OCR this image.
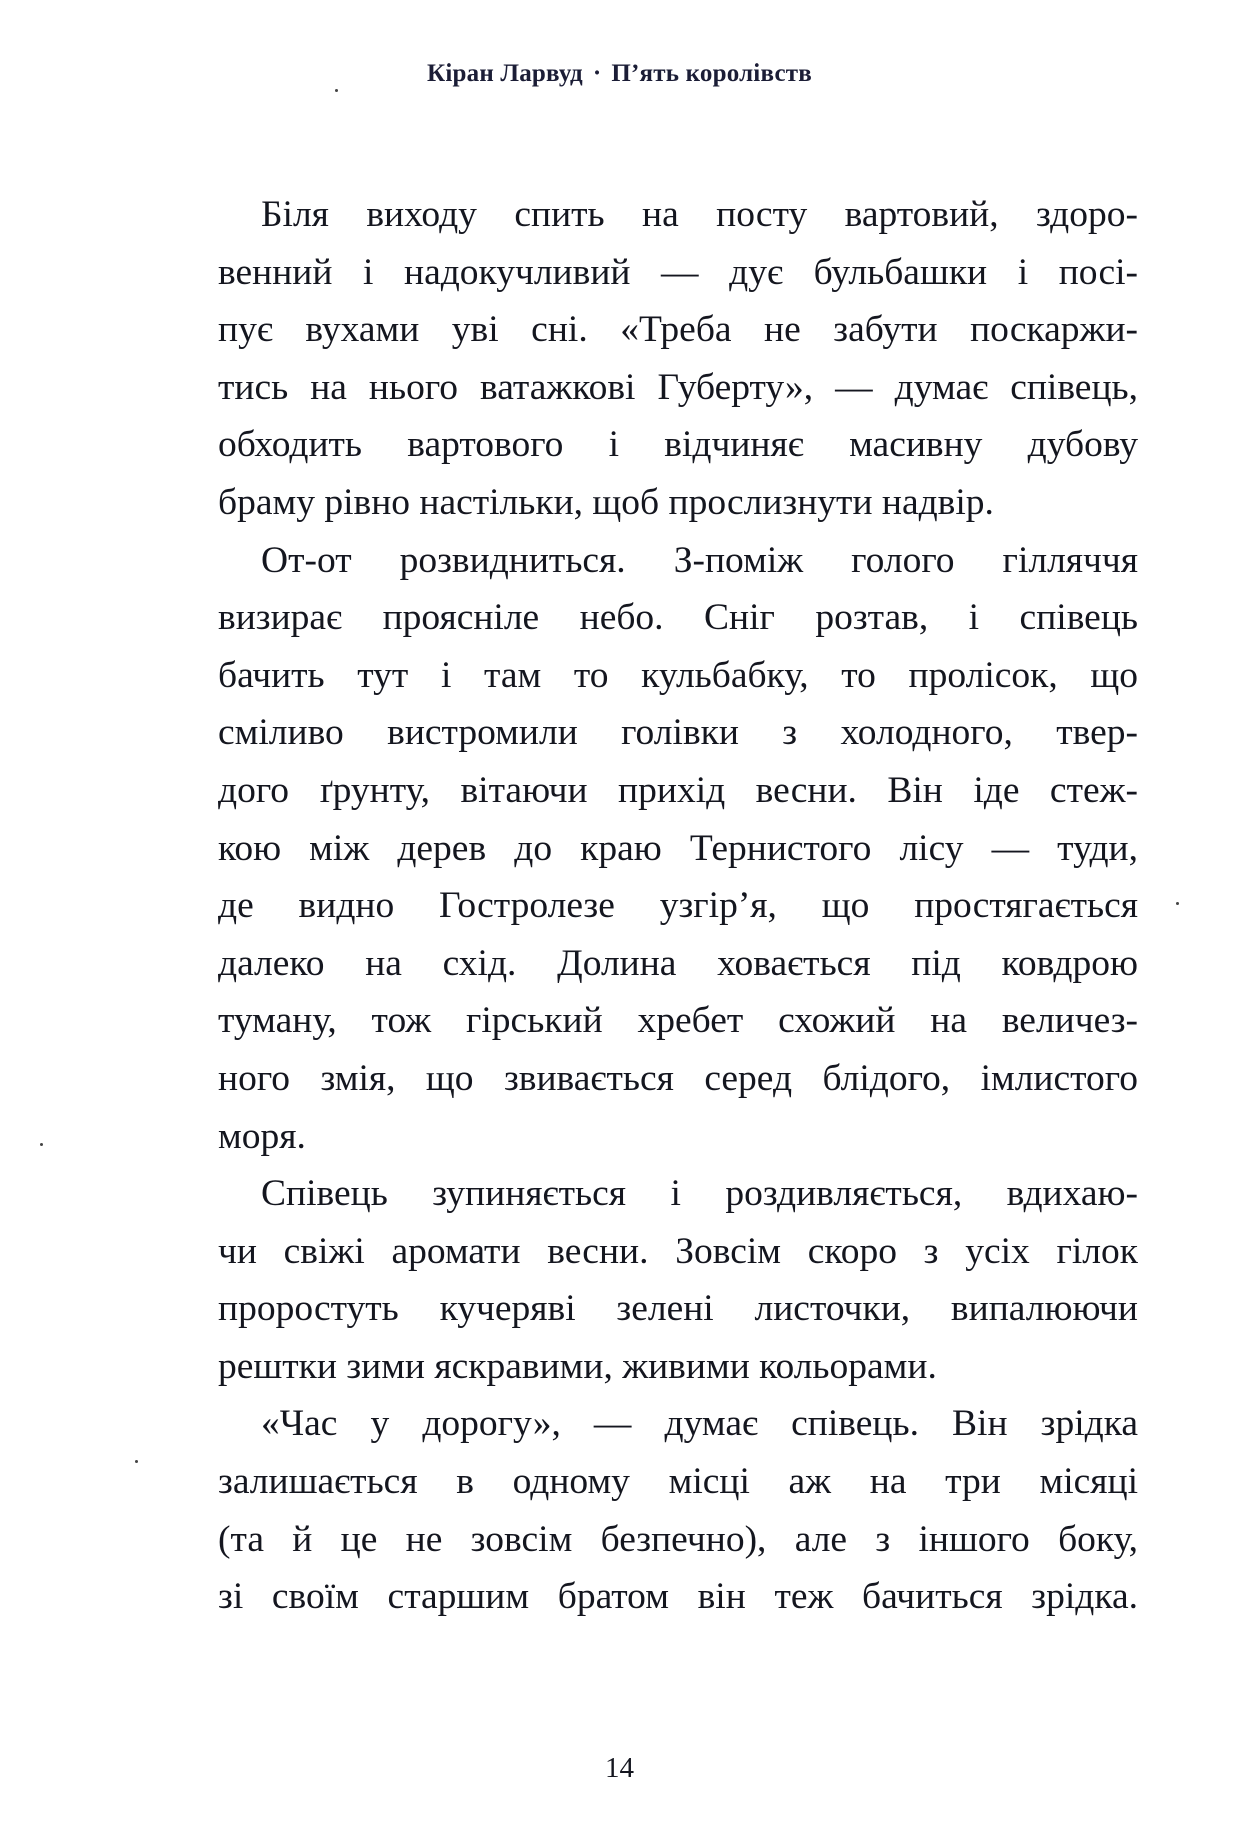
Кіран Ларвуд · П’ять королівств
Біля виходу спить на посту вартовий, здоро-
венний і надокучливий — дує бульбашки і посі-
пує вухами уві сні. «Треба не забути поскаржи-
тись на нього ватажкові Губерту», — думає співець,
обходить вартового і відчиняє масивну дубову
браму рівно настільки, щоб прослизнути надвір.
От-от розвидниться. З-поміж голого гілляччя
визирає проясніле небо. Сніг розтав, і співець
бачить тут і там то кульбабку, то пролісок, що
сміливо вистромили голівки з холодного, твер-
дого ґрунту, вітаючи прихід весни. Він іде стеж-
кою між дерев до краю Тернистого лісу — туди,
де видно Гостролезе узгір’я, що простягається
далеко на схід. Долина ховається під ковдрою
туману, тож гірський хребет схожий на величез-
ного змія, що звивається серед блідого, імлистого
моря.
Співець зупиняється і роздивляється, вдихаю-
чи свіжі аромати весни. Зовсім скоро з усіх гілок
проростуть кучеряві зелені листочки, випалюючи
рештки зими яскравими, живими кольорами.
«Час у дорогу», — думає співець. Він зрідка
залишається в одному місці аж на три місяці
(та й це не зовсім безпечно), але з іншого боку,
зі своїм старшим братом він теж бачиться зрідка.
14
